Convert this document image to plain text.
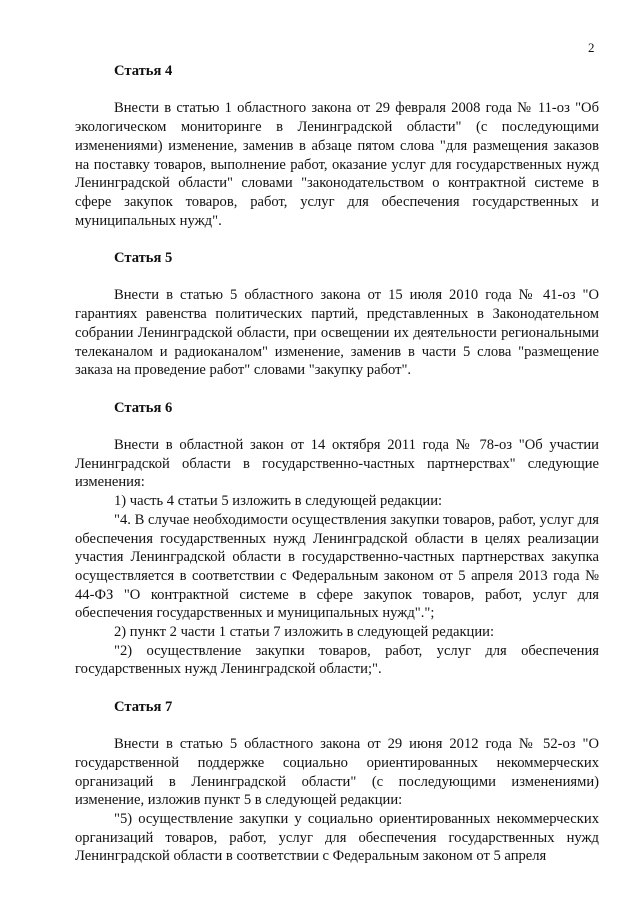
2
Статья 4

Внести в статью 1 областного закона от 29 февраля 2008 года № 11-оз "Об экологическом мониторинге в Ленинградской области" (с последующими изменениями) изменение, заменив в абзаце пятом слова "для размещения заказов на поставку товаров, выполнение работ, оказание услуг для государственных нужд Ленинградской области" словами "законодательством о контрактной системе в сфере закупок товаров, работ, услуг для обеспечения государственных и муниципальных нужд".

Статья 5

Внести в статью 5 областного закона от 15 июля 2010 года № 41-оз "О гарантиях равенства политических партий, представленных в Законодательном собрании Ленинградской области, при освещении их деятельности региональными телеканалом и радиоканалом" изменение, заменив в части 5 слова "размещение заказа на проведение работ" словами "закупку работ".

Статья 6

Внести в областной закон от 14 октября 2011 года № 78-оз "Об участии Ленинградской области в государственно-частных партнерствах" следующие изменения:

1) часть 4 статьи 5 изложить в следующей редакции:

"4. В случае необходимости осуществления закупки товаров, работ, услуг для обеспечения государственных нужд Ленинградской области в целях реализации участия Ленинградской области в государственно-частных партнерствах закупка осуществляется в соответствии с Федеральным законом от 5 апреля 2013 года № 44-ФЗ "О контрактной системе в сфере закупок товаров, работ, услуг для обеспечения государственных и муниципальных нужд".";

2) пункт 2 части 1 статьи 7 изложить в следующей редакции:

"2) осуществление закупки товаров, работ, услуг для обеспечения государственных нужд Ленинградской области;".

Статья 7

Внести в статью 5 областного закона от 29 июня 2012 года № 52-оз "О государственной поддержке социально ориентированных некоммерческих организаций в Ленинградской области" (с последующими изменениями) изменение, изложив пункт 5 в следующей редакции:

"5) осуществление закупки у социально ориентированных некоммерческих организаций товаров, работ, услуг для обеспечения государственных нужд Ленинградской области в соответствии с Федеральным законом от 5 апреля
